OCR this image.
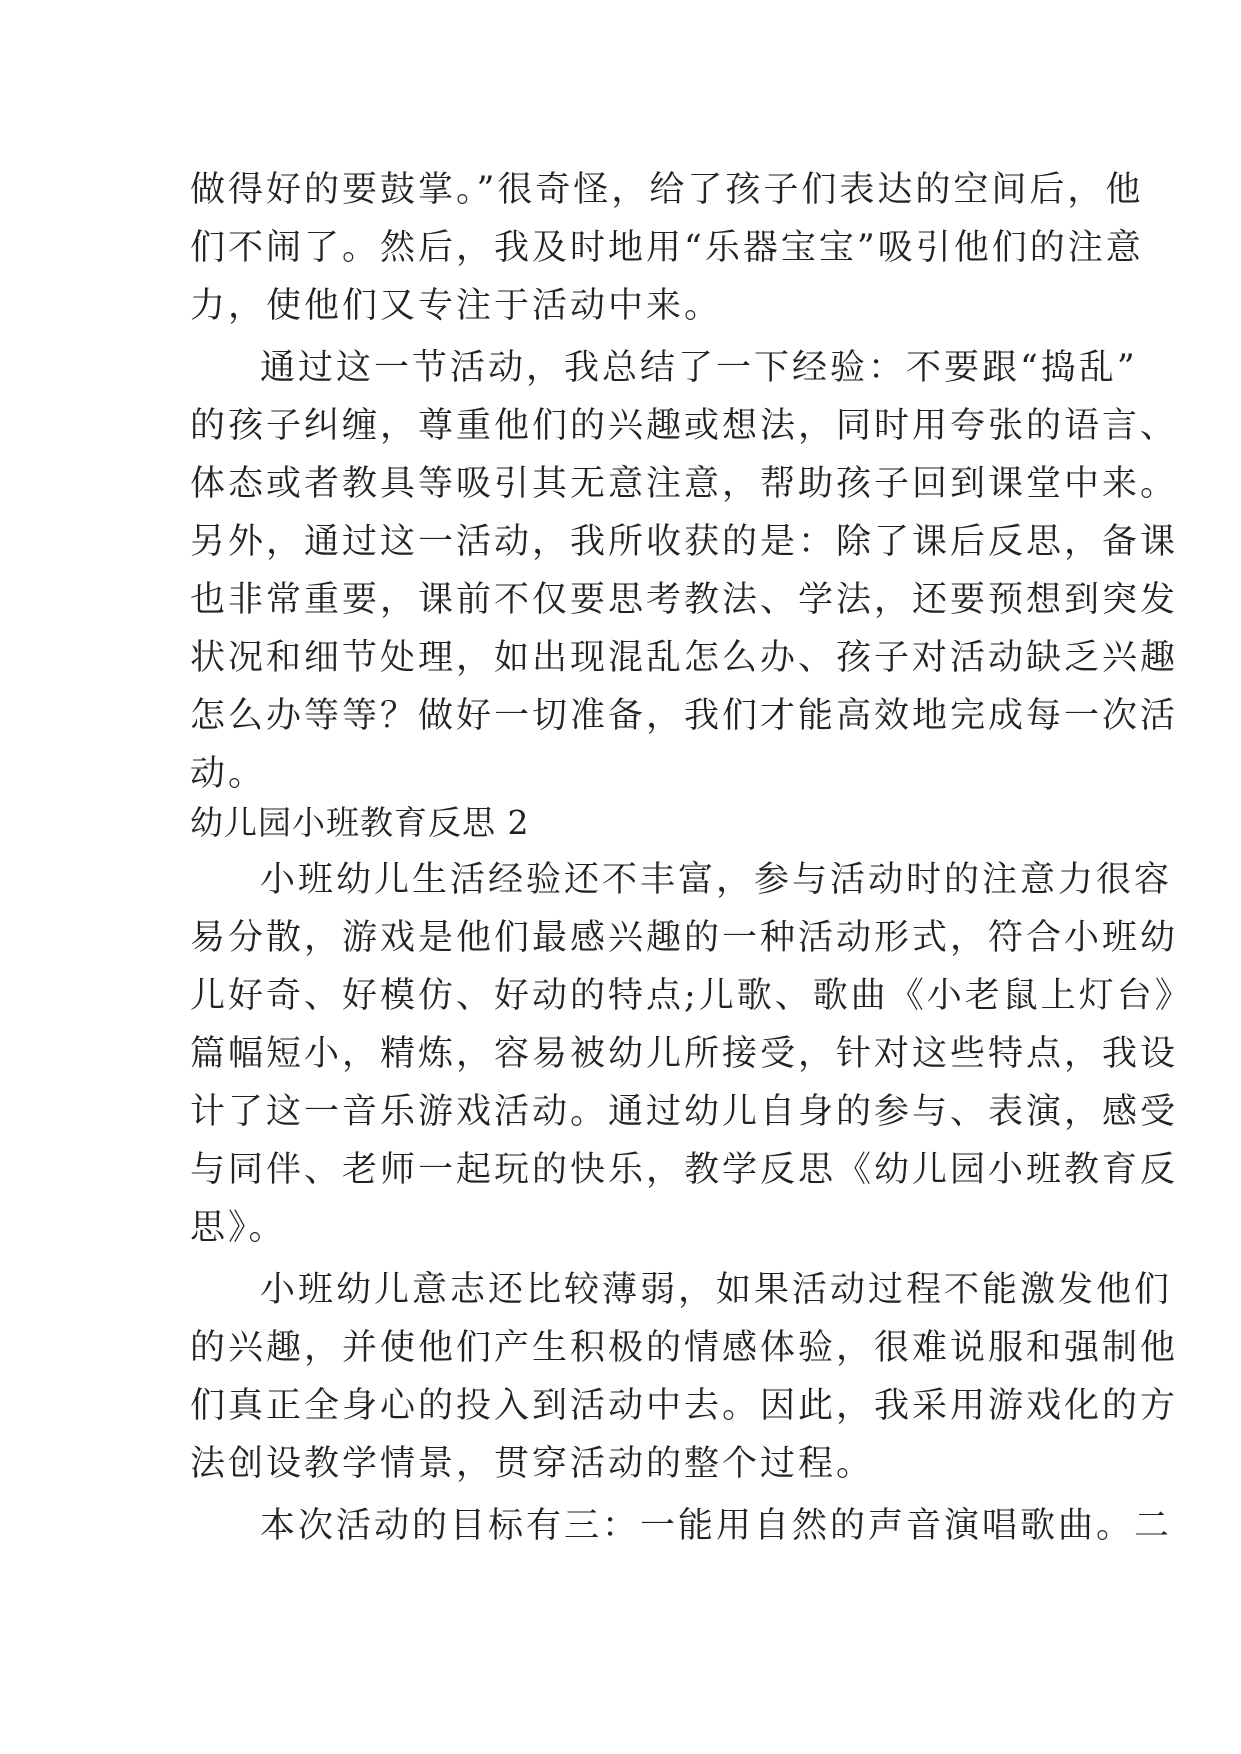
做得好的要鼓掌。”很奇怪，给了孩子们表达的空间后，他
们不闹了。然后，我及时地用“乐器宝宝”吸引他们的注意
力，使他们又专注于活动中来。
通过这一节活动，我总结了一下经验：不要跟“捣乱”
的孩子纠缠，尊重他们的兴趣或想法，同时用夸张的语言、
体态或者教具等吸引其无意注意，帮助孩子回到课堂中来。
另外，通过这一活动，我所收获的是：除了课后反思，备课
也非常重要，课前不仅要思考教法、学法，还要预想到突发
状况和细节处理，如出现混乱怎么办、孩子对活动缺乏兴趣
怎么办等等？做好一切准备，我们才能高效地完成每一次活
动。
幼儿园小班教育反思 2
小班幼儿生活经验还不丰富，参与活动时的注意力很容
易分散，游戏是他们最感兴趣的一种活动形式，符合小班幼
儿好奇、好模仿、好动的特点;儿歌、歌曲《小老鼠上灯台》
篇幅短小，精炼，容易被幼儿所接受，针对这些特点，我设
计了这一音乐游戏活动。通过幼儿自身的参与、表演，感受
与同伴、老师一起玩的快乐，教学反思《幼儿园小班教育反
思》。
小班幼儿意志还比较薄弱，如果活动过程不能激发他们
的兴趣，并使他们产生积极的情感体验，很难说服和强制他
们真正全身心的投入到活动中去。因此，我采用游戏化的方
法创设教学情景，贯穿活动的整个过程。
本次活动的目标有三：一能用自然的声音演唱歌曲。二
